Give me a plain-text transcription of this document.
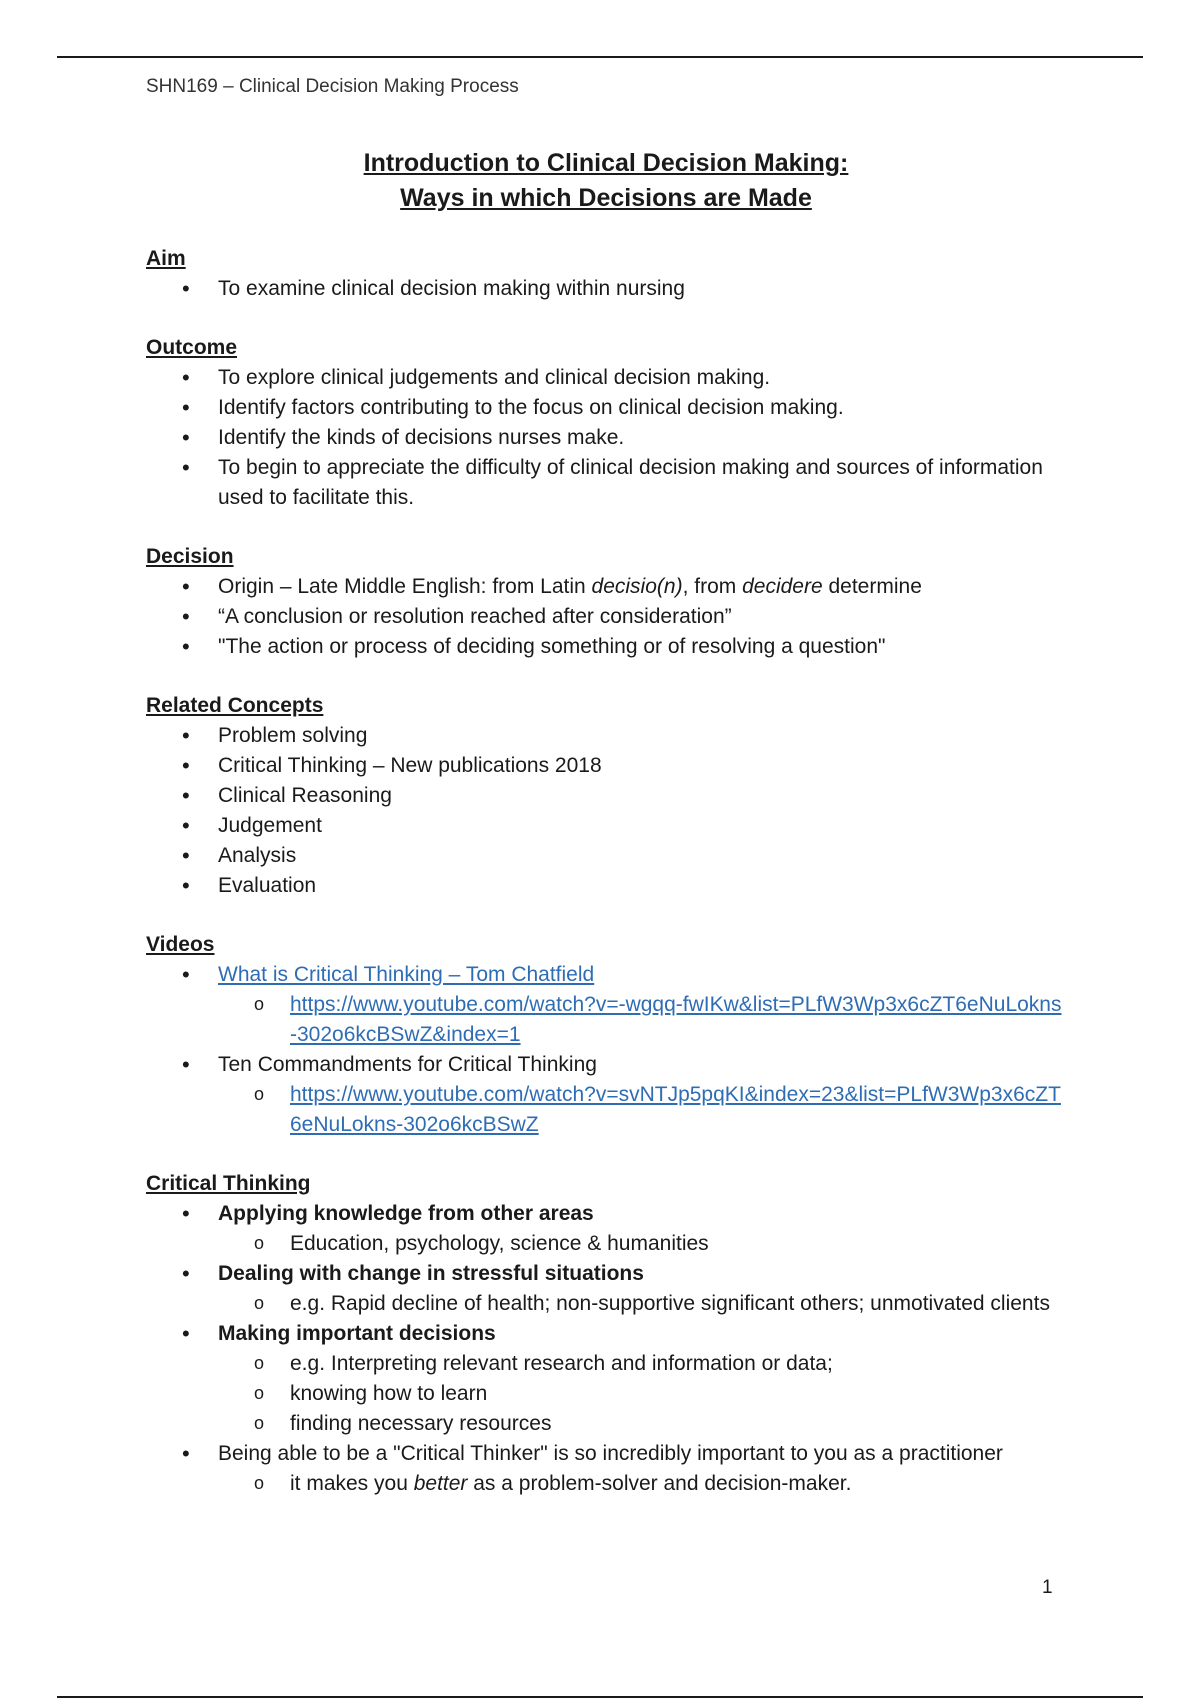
SHN169 – Clinical Decision Making Process
Introduction to Clinical Decision Making:
Ways in which Decisions are Made

Aim

• To examine clinical decision making within nursing

Outcome

• To explore clinical judgements and clinical decision making.
• Identify factors contributing to the focus on clinical decision making.
• Identify the kinds of decisions nurses make.
• To begin to appreciate the difficulty of clinical decision making and sources of information used to facilitate this.

Decision

• Origin – Late Middle English: from Latin decisio(n), from decidere determine
• “A conclusion or resolution reached after consideration”
• "The action or process of deciding something or of resolving a question"

Related Concepts

• Problem solving
• Critical Thinking – New publications 2018
• Clinical Reasoning
• Judgement
• Analysis
• Evaluation

Videos

• What is Critical Thinking – Tom Chatfield
o https://www.youtube.com/watch?v=-wgqq-fwIKw&list=PLfW3Wp3x6cZT6eNuLokns-302o6kcBSwZ&index=1
• Ten Commandments for Critical Thinking
o https://www.youtube.com/watch?v=svNTJp5pqKI&index=23&list=PLfW3Wp3x6cZT6eNuLokns-302o6kcBSwZ

Critical Thinking

• Applying knowledge from other areas
o Education, psychology, science & humanities
• Dealing with change in stressful situations
o e.g. Rapid decline of health; non-supportive significant others; unmotivated clients
• Making important decisions
o e.g. Interpreting relevant research and information or data;
o knowing how to learn
o finding necessary resources
• Being able to be a "Critical Thinker" is so incredibly important to you as a practitioner
o it makes you better as a problem-solver and decision-maker.
1
